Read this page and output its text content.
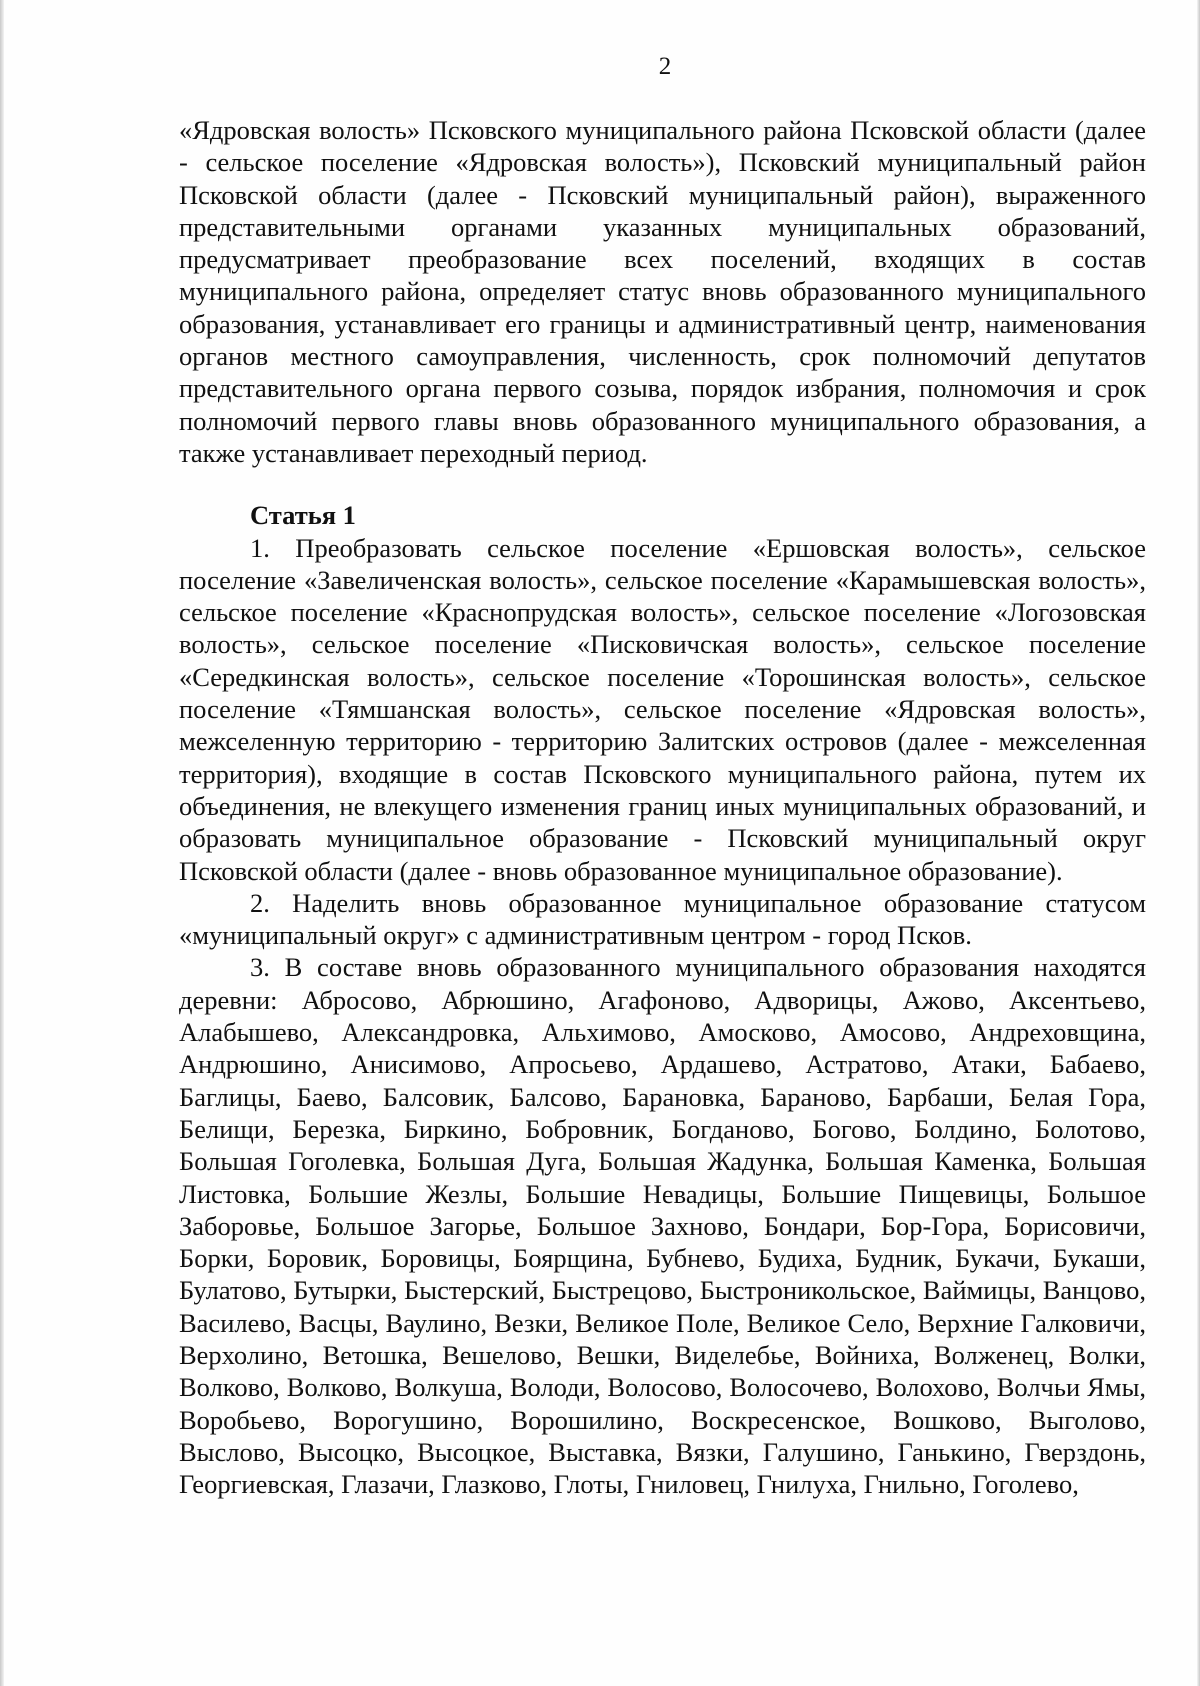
2

«Ядровская волость» Псковского муниципального района Псковской области (далее - сельское поселение «Ядровская волость»), Псковский муниципальный район Псковской области (далее - Псковский муниципальный район), выраженного представительными органами указанных муниципальных образований, предусматривает преобразование всех поселений, входящих в состав муниципального района, определяет статус вновь образованного муниципального образования, устанавливает его границы и административный центр, наименования органов местного самоуправления, численность, срок полномочий депутатов представительного органа первого созыва, порядок избрания, полномочия и срок полномочий первого главы вновь образованного муниципального образования, а также устанавливает переходный период.

Статья 1

1. Преобразовать сельское поселение «Ершовская волость», сельское поселение «Завеличенская волость», сельское поселение «Карамышевская волость», сельское поселение «Краснопрудская волость», сельское поселение «Логозовская волость», сельское поселение «Писковичская волость», сельское поселение «Середкинская волость», сельское поселение «Торошинская волость», сельское поселение «Тямшанская волость», сельское поселение «Ядровская волость», межселенную территорию - территорию Залитских островов (далее - межселенная территория), входящие в состав Псковского муниципального района, путем их объединения, не влекущего изменения границ иных муниципальных образований, и образовать муниципальное образование - Псковский муниципальный округ Псковской области (далее - вновь образованное муниципальное образование).

2. Наделить вновь образованное муниципальное образование статусом «муниципальный округ» с административным центром - город Псков.

3. В составе вновь образованного муниципального образования находятся деревни: Абросово, Абрюшино, Агафоново, Адворицы, Ажово, Аксентьево, Алабышево, Александровка, Альхимово, Амосково, Амосово, Андреховщина, Андрюшино, Анисимово, Апросьево, Ардашево, Астратово, Атаки, Бабаево, Баглицы, Баево, Балсовик, Балсово, Барановка, Бараново, Барбаши, Белая Гора, Белищи, Березка, Биркино, Бобровник, Богданово, Богово, Болдино, Болотово, Большая Гоголевка, Большая Дуга, Большая Жадунка, Большая Каменка, Большая Листовка, Большие Жезлы, Большие Невадицы, Большие Пищевицы, Большое Заборовье, Большое Загорье, Большое Захново, Бондари, Бор-Гора, Борисовичи, Борки, Боровик, Боровицы, Боярщина, Бубнево, Будиха, Будник, Букачи, Букаши, Булатово, Бутырки, Быстерский, Быстрецово, Быстроникольское, Ваймицы, Ванцово, Василево, Васцы, Ваулино, Везки, Великое Поле, Великое Село, Верхние Галковичи, Верхолино, Ветошка, Вешелово, Вешки, Виделебье, Войниха, Волженец, Волки, Волково, Волково, Волкуша, Володи, Волосово, Волосочево, Волохово, Волчьи Ямы, Воробьево, Ворогушино, Ворошилино, Воскресенское, Вошково, Выголово, Выслово, Высоцко, Высоцкое, Выставка, Вязки, Галушино, Ганькино, Гверздонь, Георгиевская, Глазачи, Глазково, Глоты, Гниловец, Гнилуха, Гнильно, Гоголево,
